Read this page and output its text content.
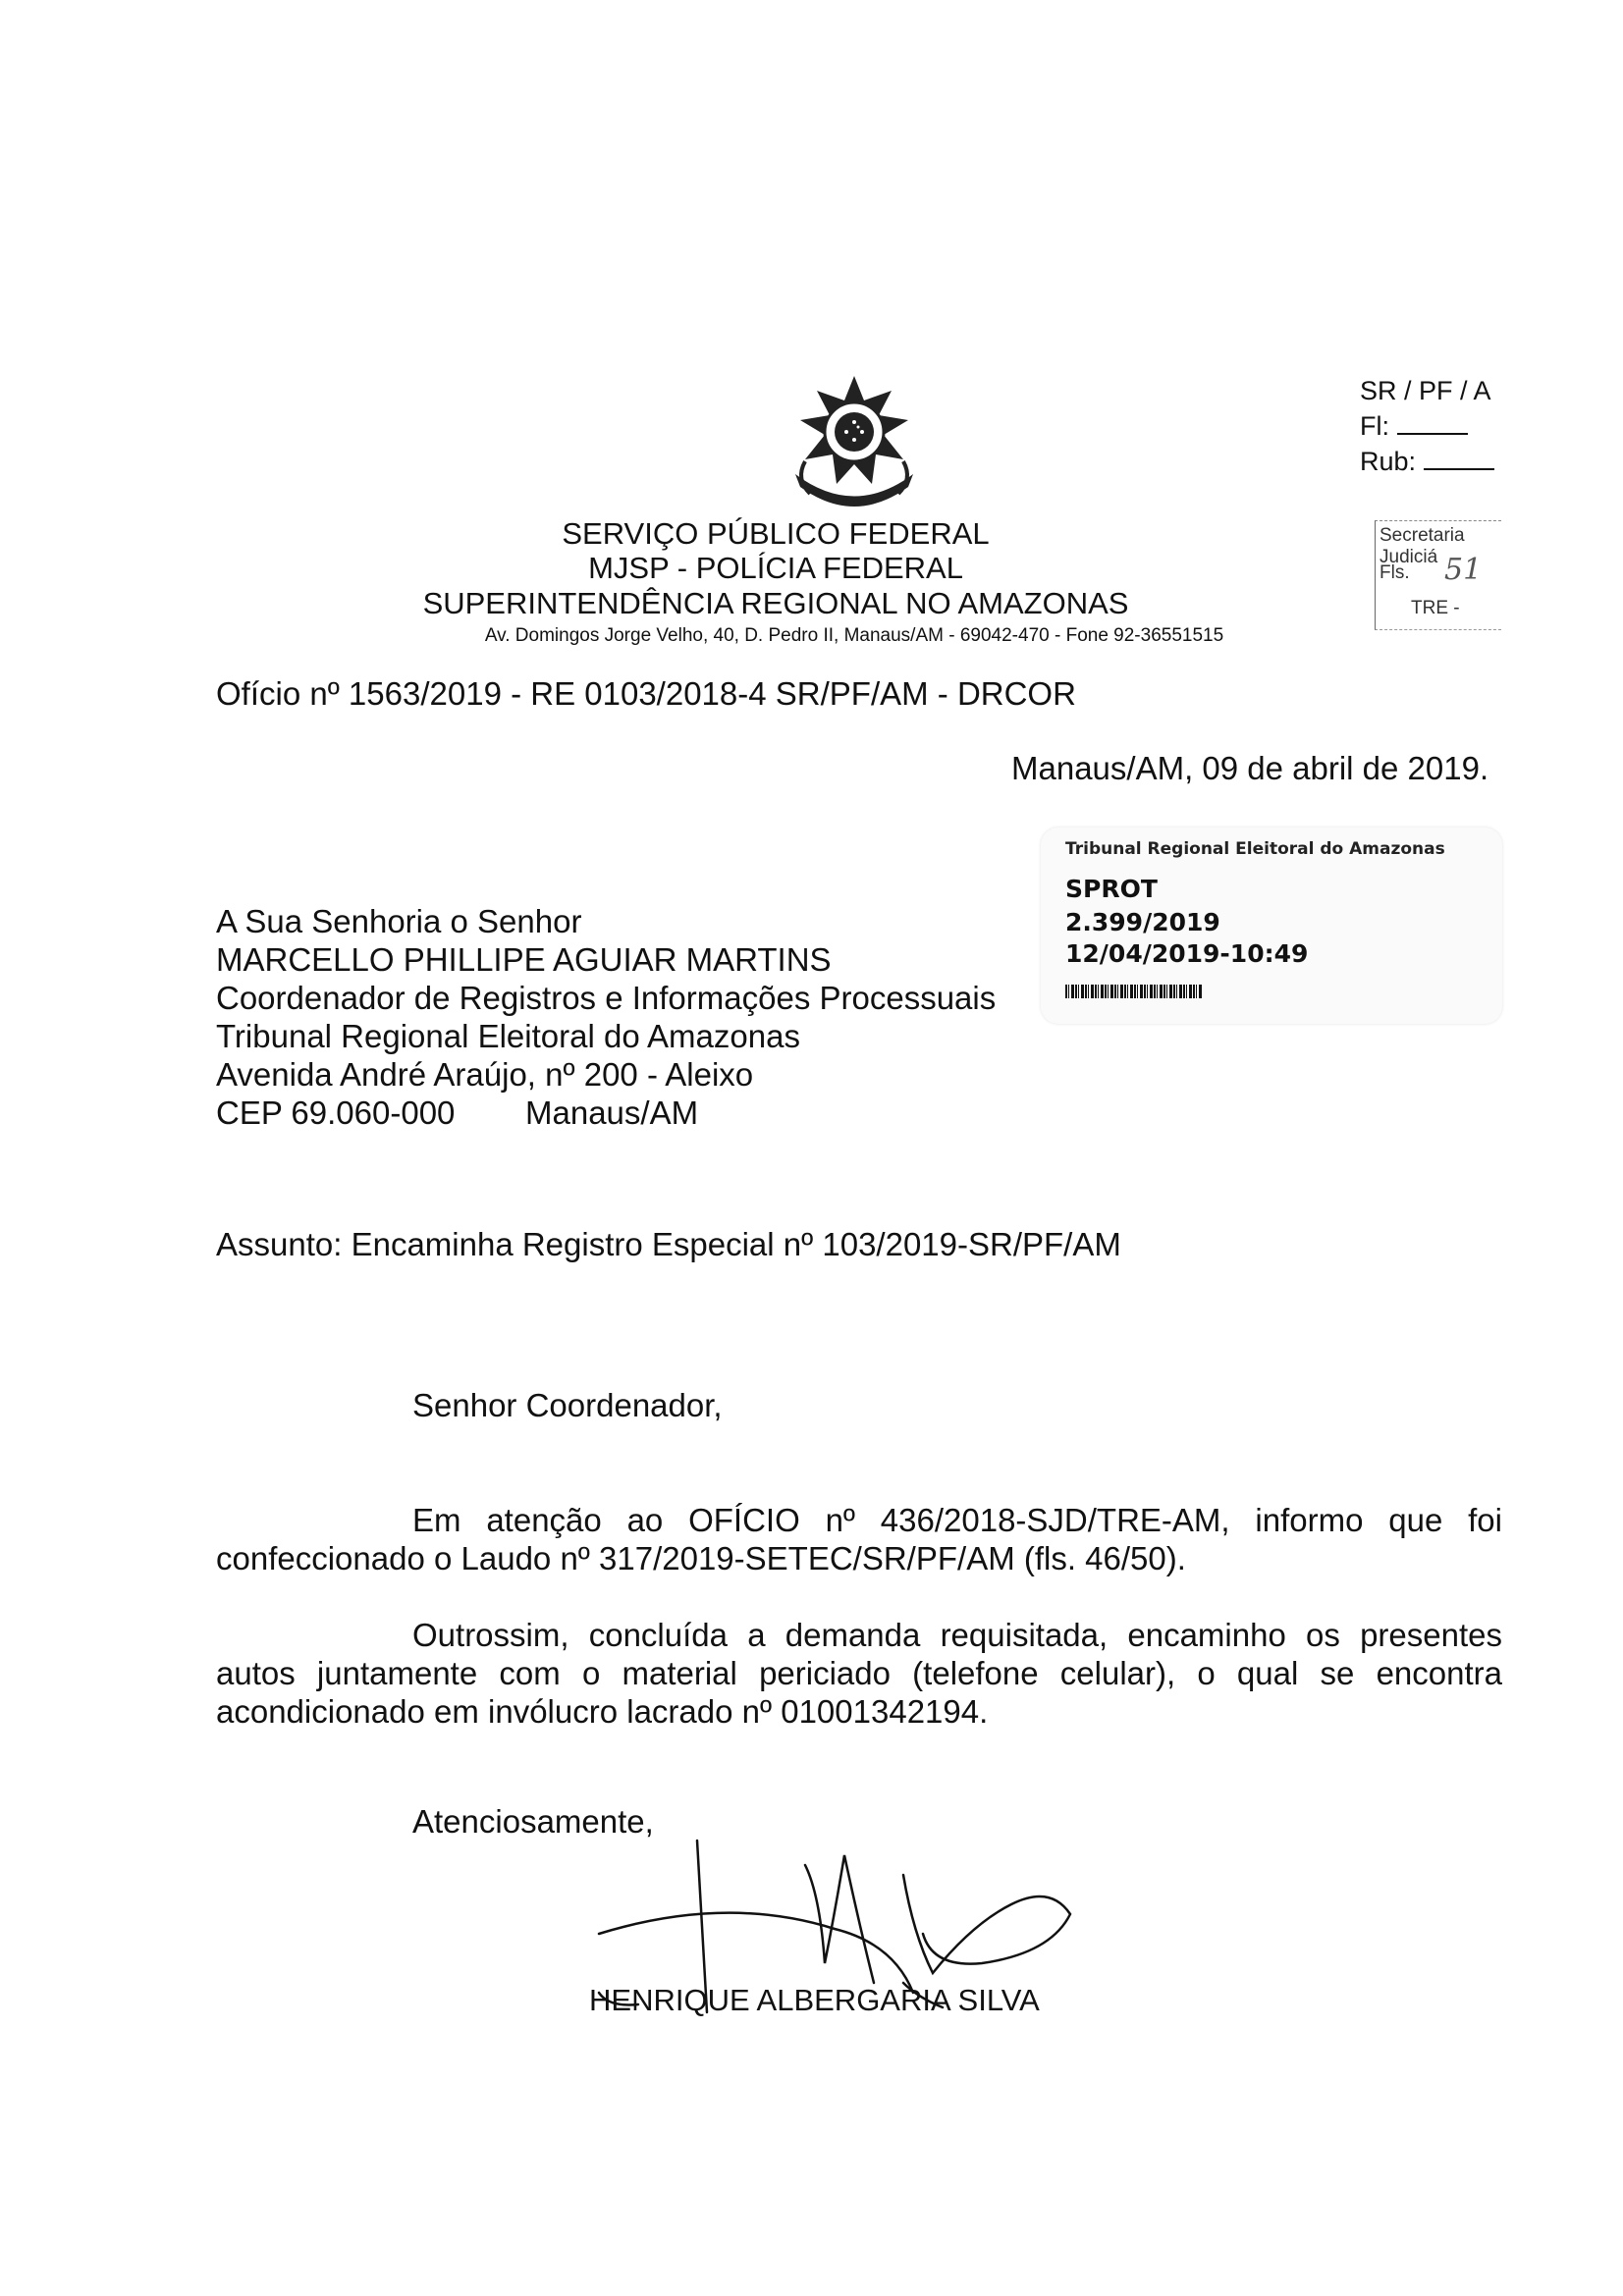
SERVIÇO PÚBLICO FEDERAL
MJSP - POLÍCIA FEDERAL
SUPERINTENDÊNCIA REGIONAL NO AMAZONAS
Av. Domingos Jorge Velho, 40, D. Pedro II, Manaus/AM - 69042-470 - Fone 92-36551515
SR / PF / A
Fl:
Rub:
Secretaria Judiciá
Fls. 51
TRE -
Ofício nº 1563/2019 - RE 0103/2018-4 SR/PF/AM - DRCOR
Manaus/AM, 09 de abril de 2019.
Tribunal Regional Eleitoral do Amazonas
SPROT
2.399/2019
12/04/2019-10:49
A Sua Senhoria o Senhor
MARCELLO PHILLIPE AGUIAR MARTINS
Coordenador de Registros e Informações Processuais
Tribunal Regional Eleitoral do Amazonas
Avenida André Araújo, nº 200 - Aleixo
CEP 69.060-000 Manaus/AM
Assunto: Encaminha Registro Especial nº 103/2019-SR/PF/AM
Senhor Coordenador,
Em atenção ao OFÍCIO nº 436/2018-SJD/TRE-AM, informo que foi confeccionado o Laudo nº 317/2019-SETEC/SR/PF/AM (fls. 46/50).
Outrossim, concluída a demanda requisitada, encaminho os presentes autos juntamente com o material periciado (telefone celular), o qual se encontra acondicionado em invólucro lacrado nº 01001342194.
Atenciosamente,
HENRIQUE ALBERGARIA SILVA
